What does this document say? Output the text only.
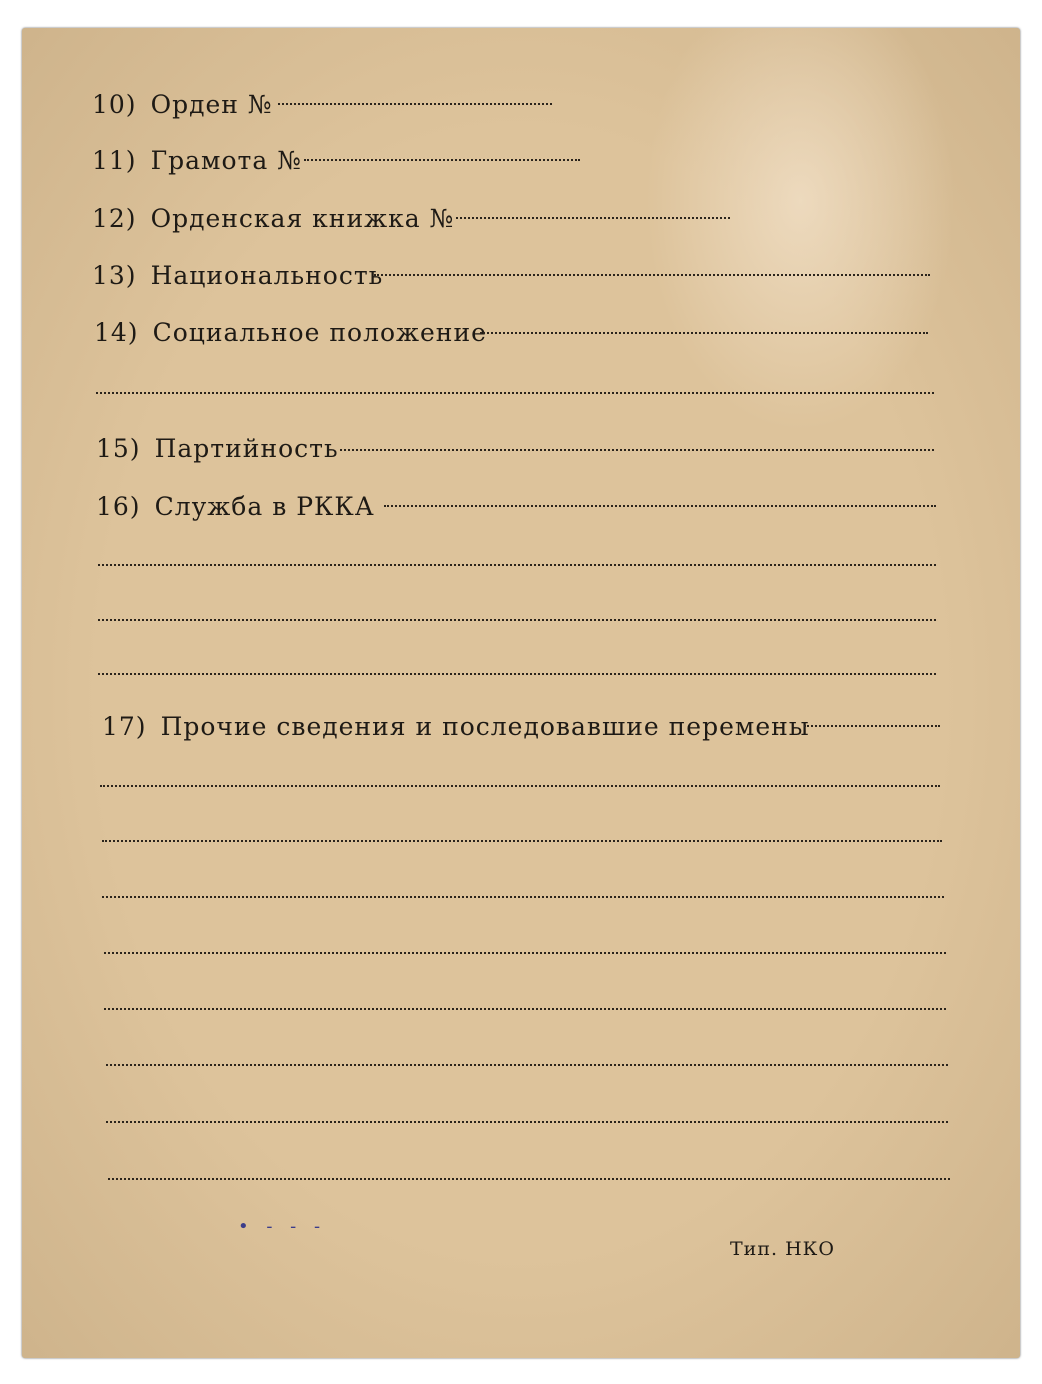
10) Орден №
11) Грамота №
12) Орденская книжка №
13) Национальность
14) Социальное положение
15) Партийность
16) Служба в РККА
17) Прочие сведения и последовавшие перемены
• - - -
Тип. НКО
